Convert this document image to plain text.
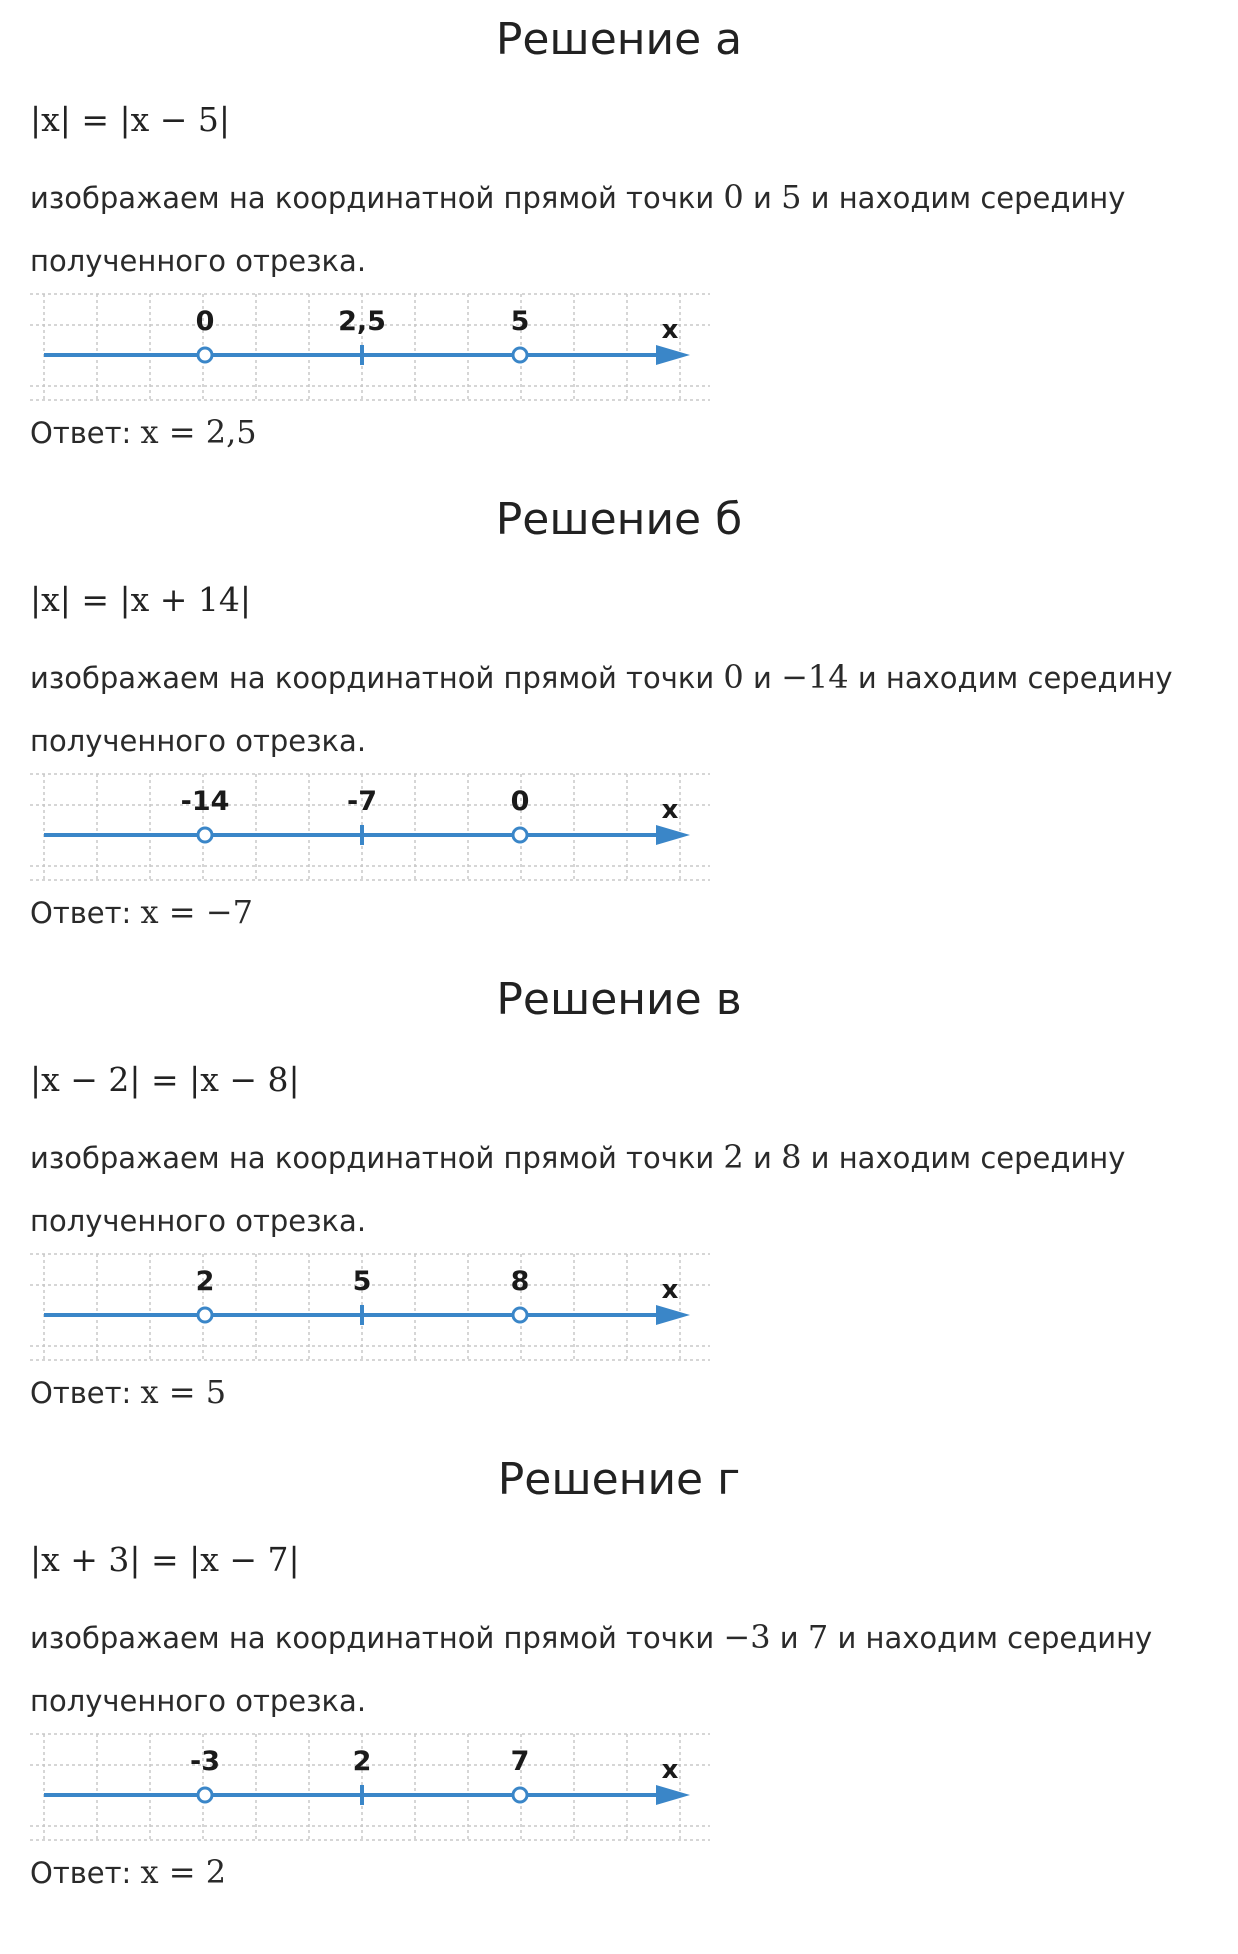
Решение а
|x| = |x − 5|
изображаем на координатной прямой точки 0 и 5 и находим середину полученного отрезка.
0	2,5	5	x
Ответ: x = 2,5
Решение б
|x| = |x + 14|
изображаем на координатной прямой точки 0 и −14 и находим середину полученного отрезка.
-14	-7	0	x
Ответ: x = −7
Решение в
|x − 2| = |x − 8|
изображаем на координатной прямой точки 2 и 8 и находим середину полученного отрезка.
2	5	8	x
Ответ: x = 5
Решение г
|x + 3| = |x − 7|
изображаем на координатной прямой точки −3 и 7 и находим середину полученного отрезка.
-3	2	7	x
Ответ: x = 2
